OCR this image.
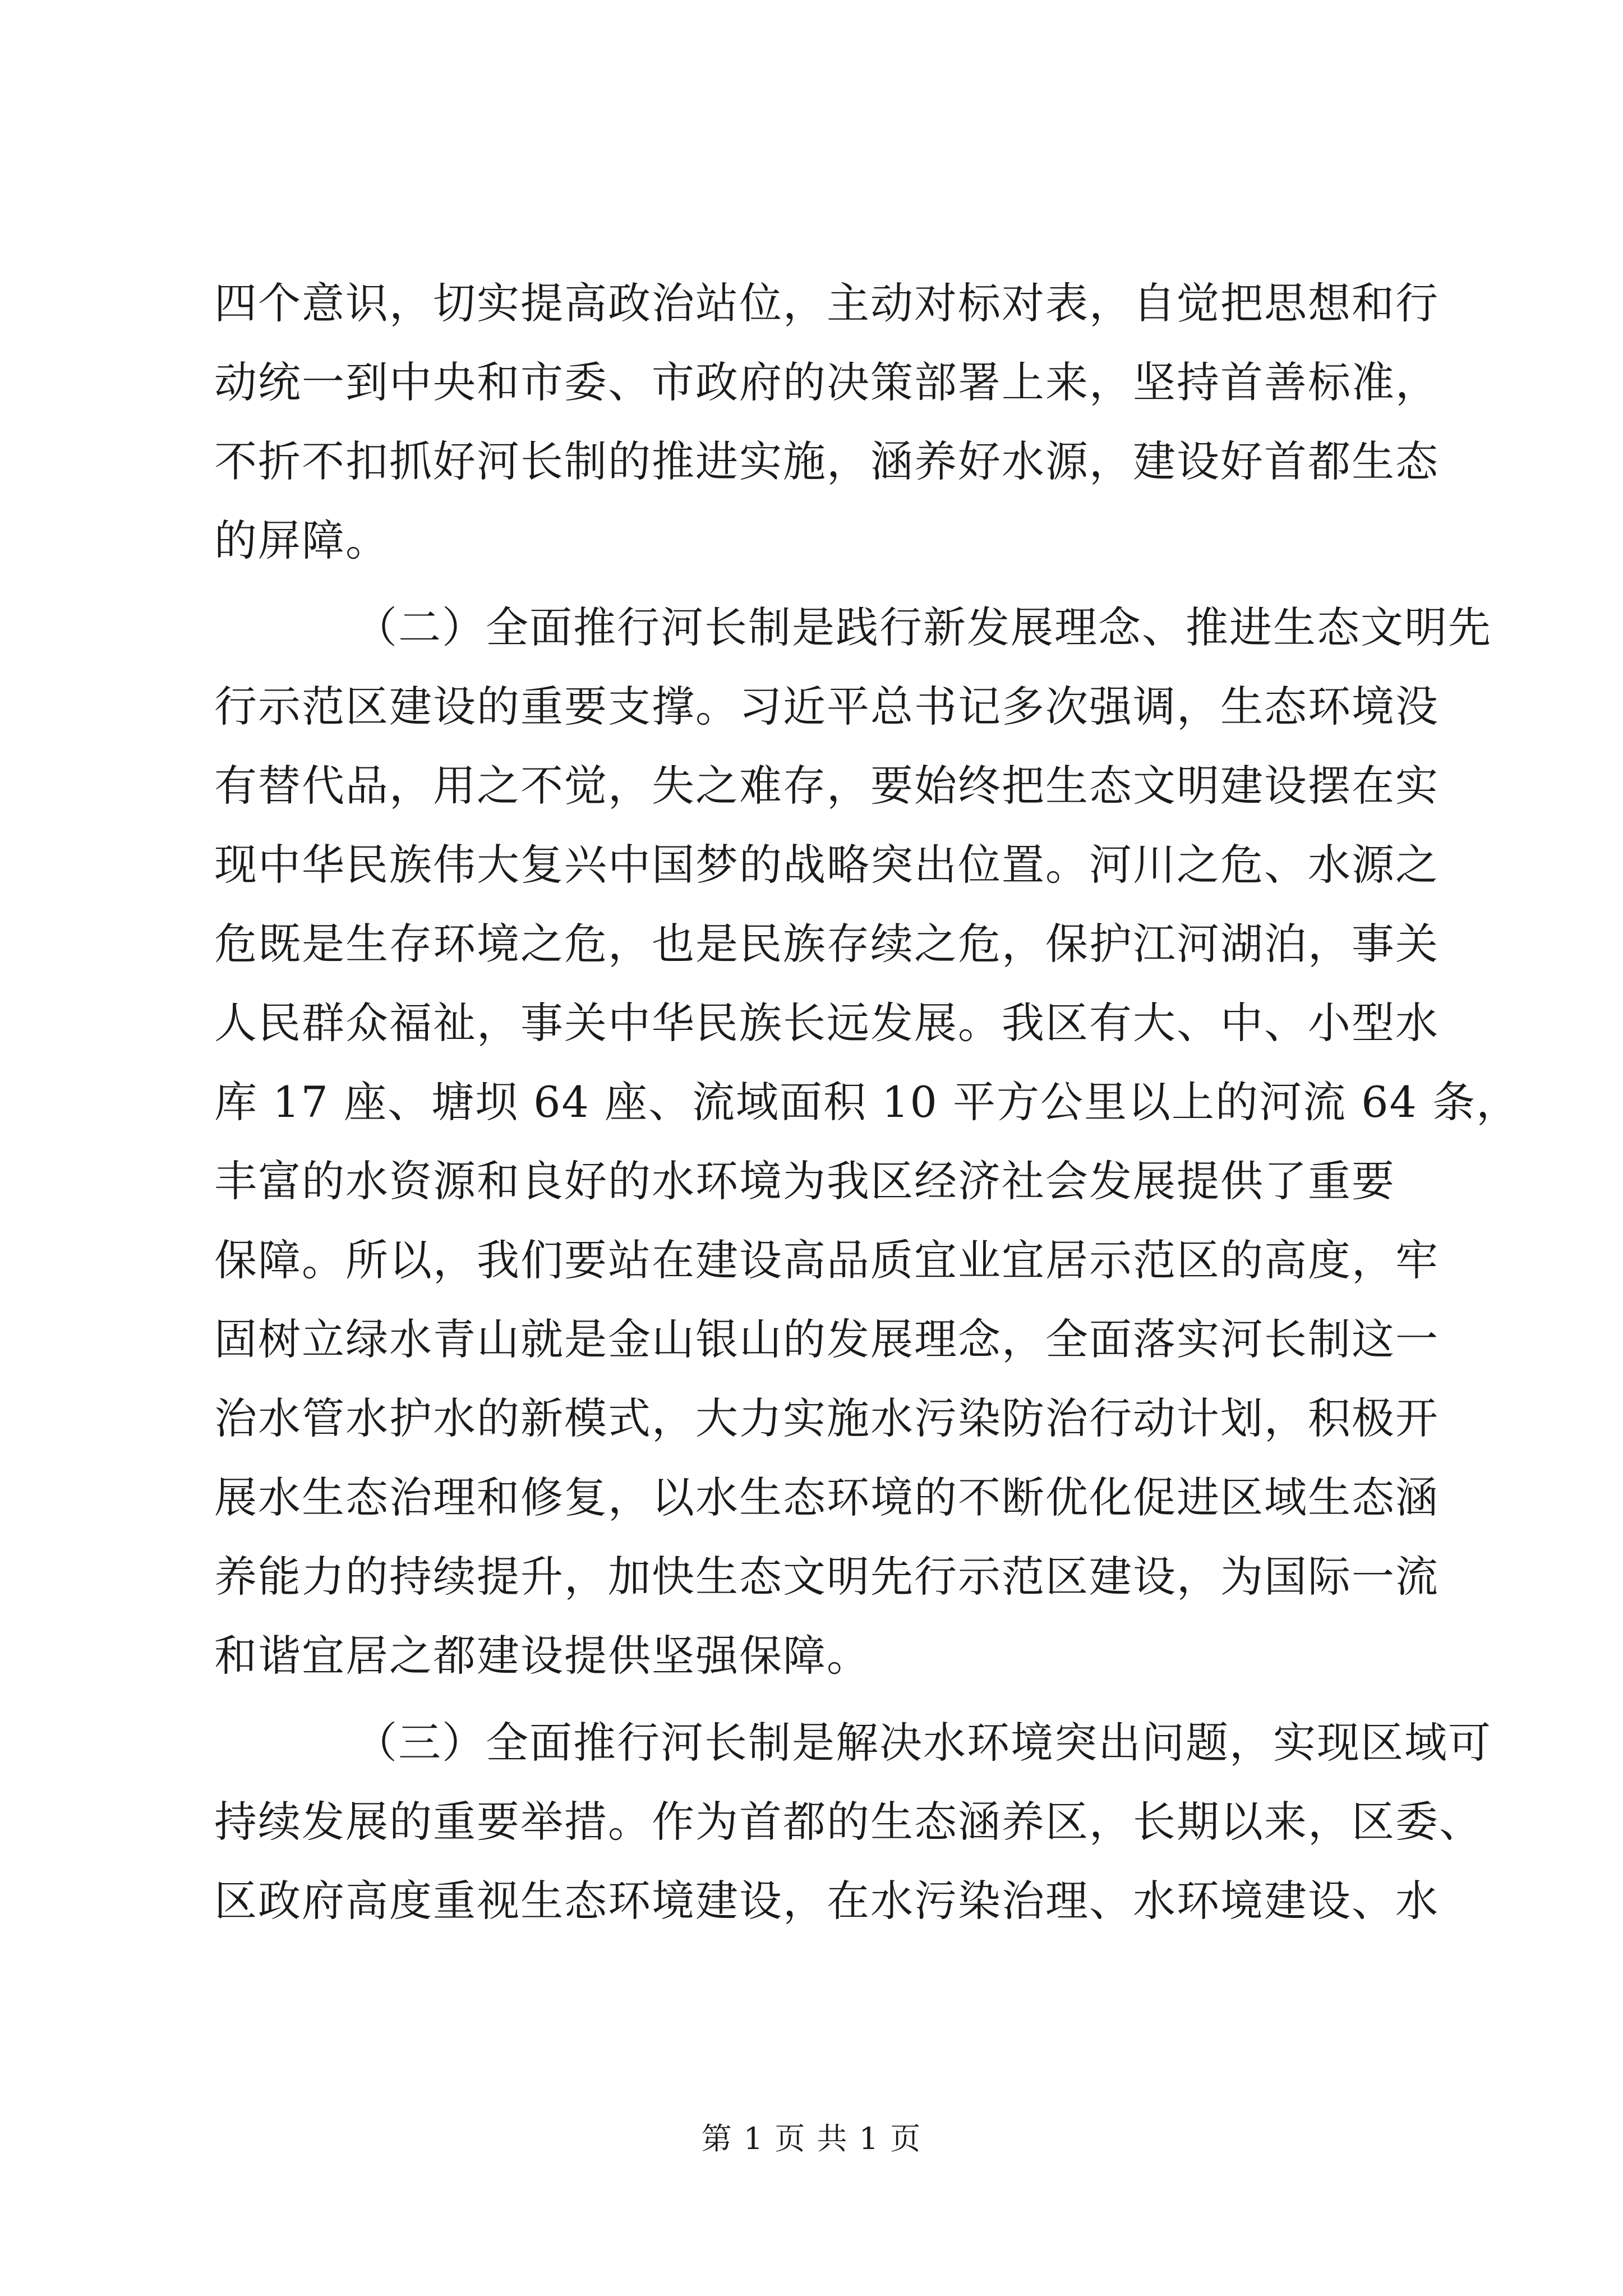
四个意识，切实提高政治站位，主动对标对表，自觉把思想和行
动统一到中央和市委、市政府的决策部署上来，坚持首善标准，
不折不扣抓好河长制的推进实施，涵养好水源，建设好首都生态
的屏障。
（二）全面推行河长制是践行新发展理念、推进生态文明先
行示范区建设的重要支撑。习近平总书记多次强调，生态环境没
有替代品，用之不觉，失之难存，要始终把生态文明建设摆在实
现中华民族伟大复兴中国梦的战略突出位置。河川之危、水源之
危既是生存环境之危，也是民族存续之危，保护江河湖泊，事关
人民群众福祉，事关中华民族长远发展。我区有大、中、小型水
库 17 座、塘坝 64 座、流域面积 10 平方公里以上的河流 64 条，
丰富的水资源和良好的水环境为我区经济社会发展提供了重要
保障。所以，我们要站在建设高品质宜业宜居示范区的高度，牢
固树立绿水青山就是金山银山的发展理念，全面落实河长制这一
治水管水护水的新模式，大力实施水污染防治行动计划，积极开
展水生态治理和修复，以水生态环境的不断优化促进区域生态涵
养能力的持续提升，加快生态文明先行示范区建设，为国际一流
和谐宜居之都建设提供坚强保障。
（三）全面推行河长制是解决水环境突出问题，实现区域可
持续发展的重要举措。作为首都的生态涵养区，长期以来，区委、
区政府高度重视生态环境建设，在水污染治理、水环境建设、水
第 1 页 共 1 页
